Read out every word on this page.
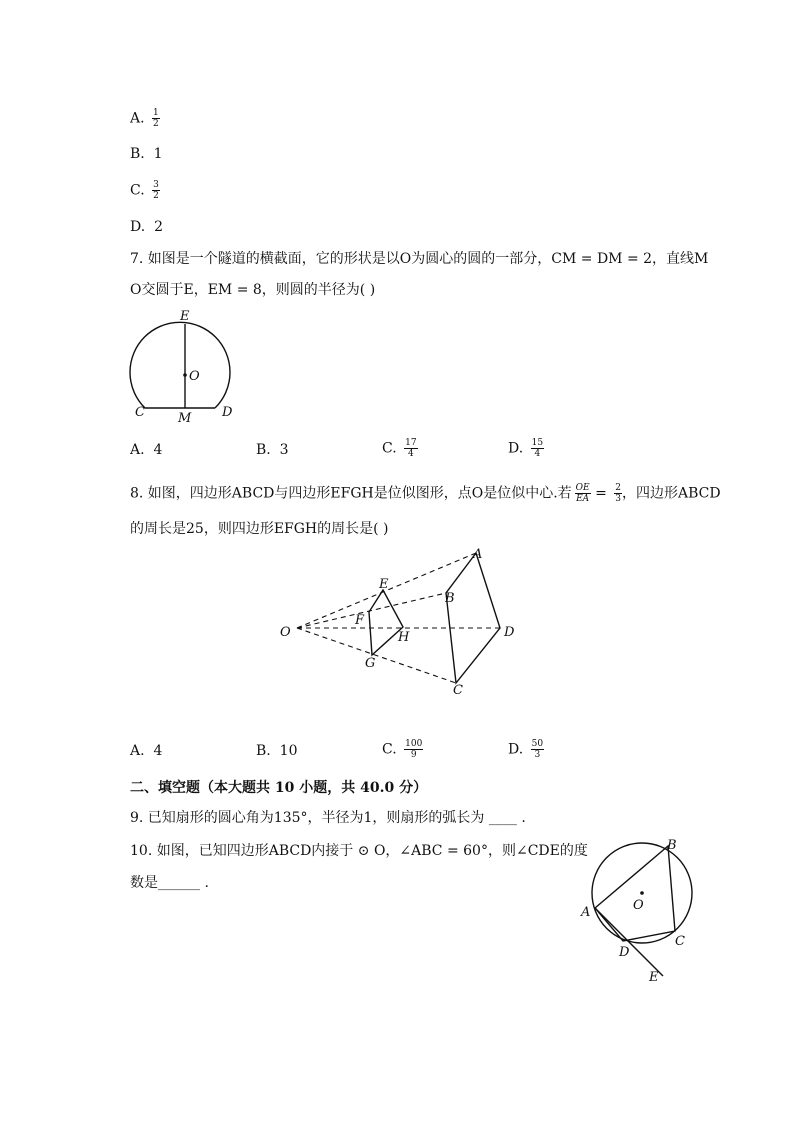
A. $\frac{1}{2}$
B. 1
C. $\frac{3}{2}$
D. 2
7. 如图是一个隧道的横截面，它的形状是以O为圆心的圆的一部分，CM = DM = 2，直线M
O交圆于E，EM = 8，则圆的半径为( )
E
O
C	M D
A. 4	B. 3	C. $\frac{17}{4}$	D. $\frac{15}{4}$
8. 如图，四边形ABCD与四边形EFGH是位似图形，点O是位似中心.若 $\frac{OE}{EA} = \frac{2}{3}$ ，四边形ABCD
的周长是25，则四边形EFGH的周长是( )
O
A
B
C
D
E
F
G
H
A. 4	B. 10	C. $\frac{100}{9}$	D. $\frac{50}{3}$
二、填空题（本大题共 10 小题，共 40.0 分）
9. 已知扇形的圆心角为135°，半径为1，则扇形的弧长为 ____ .
10. 如图，已知四边形ABCD内接于 ⊙ O，∠ABC = 60°，则∠CDE的度
数是______ .
A
B
C
D
E
O
